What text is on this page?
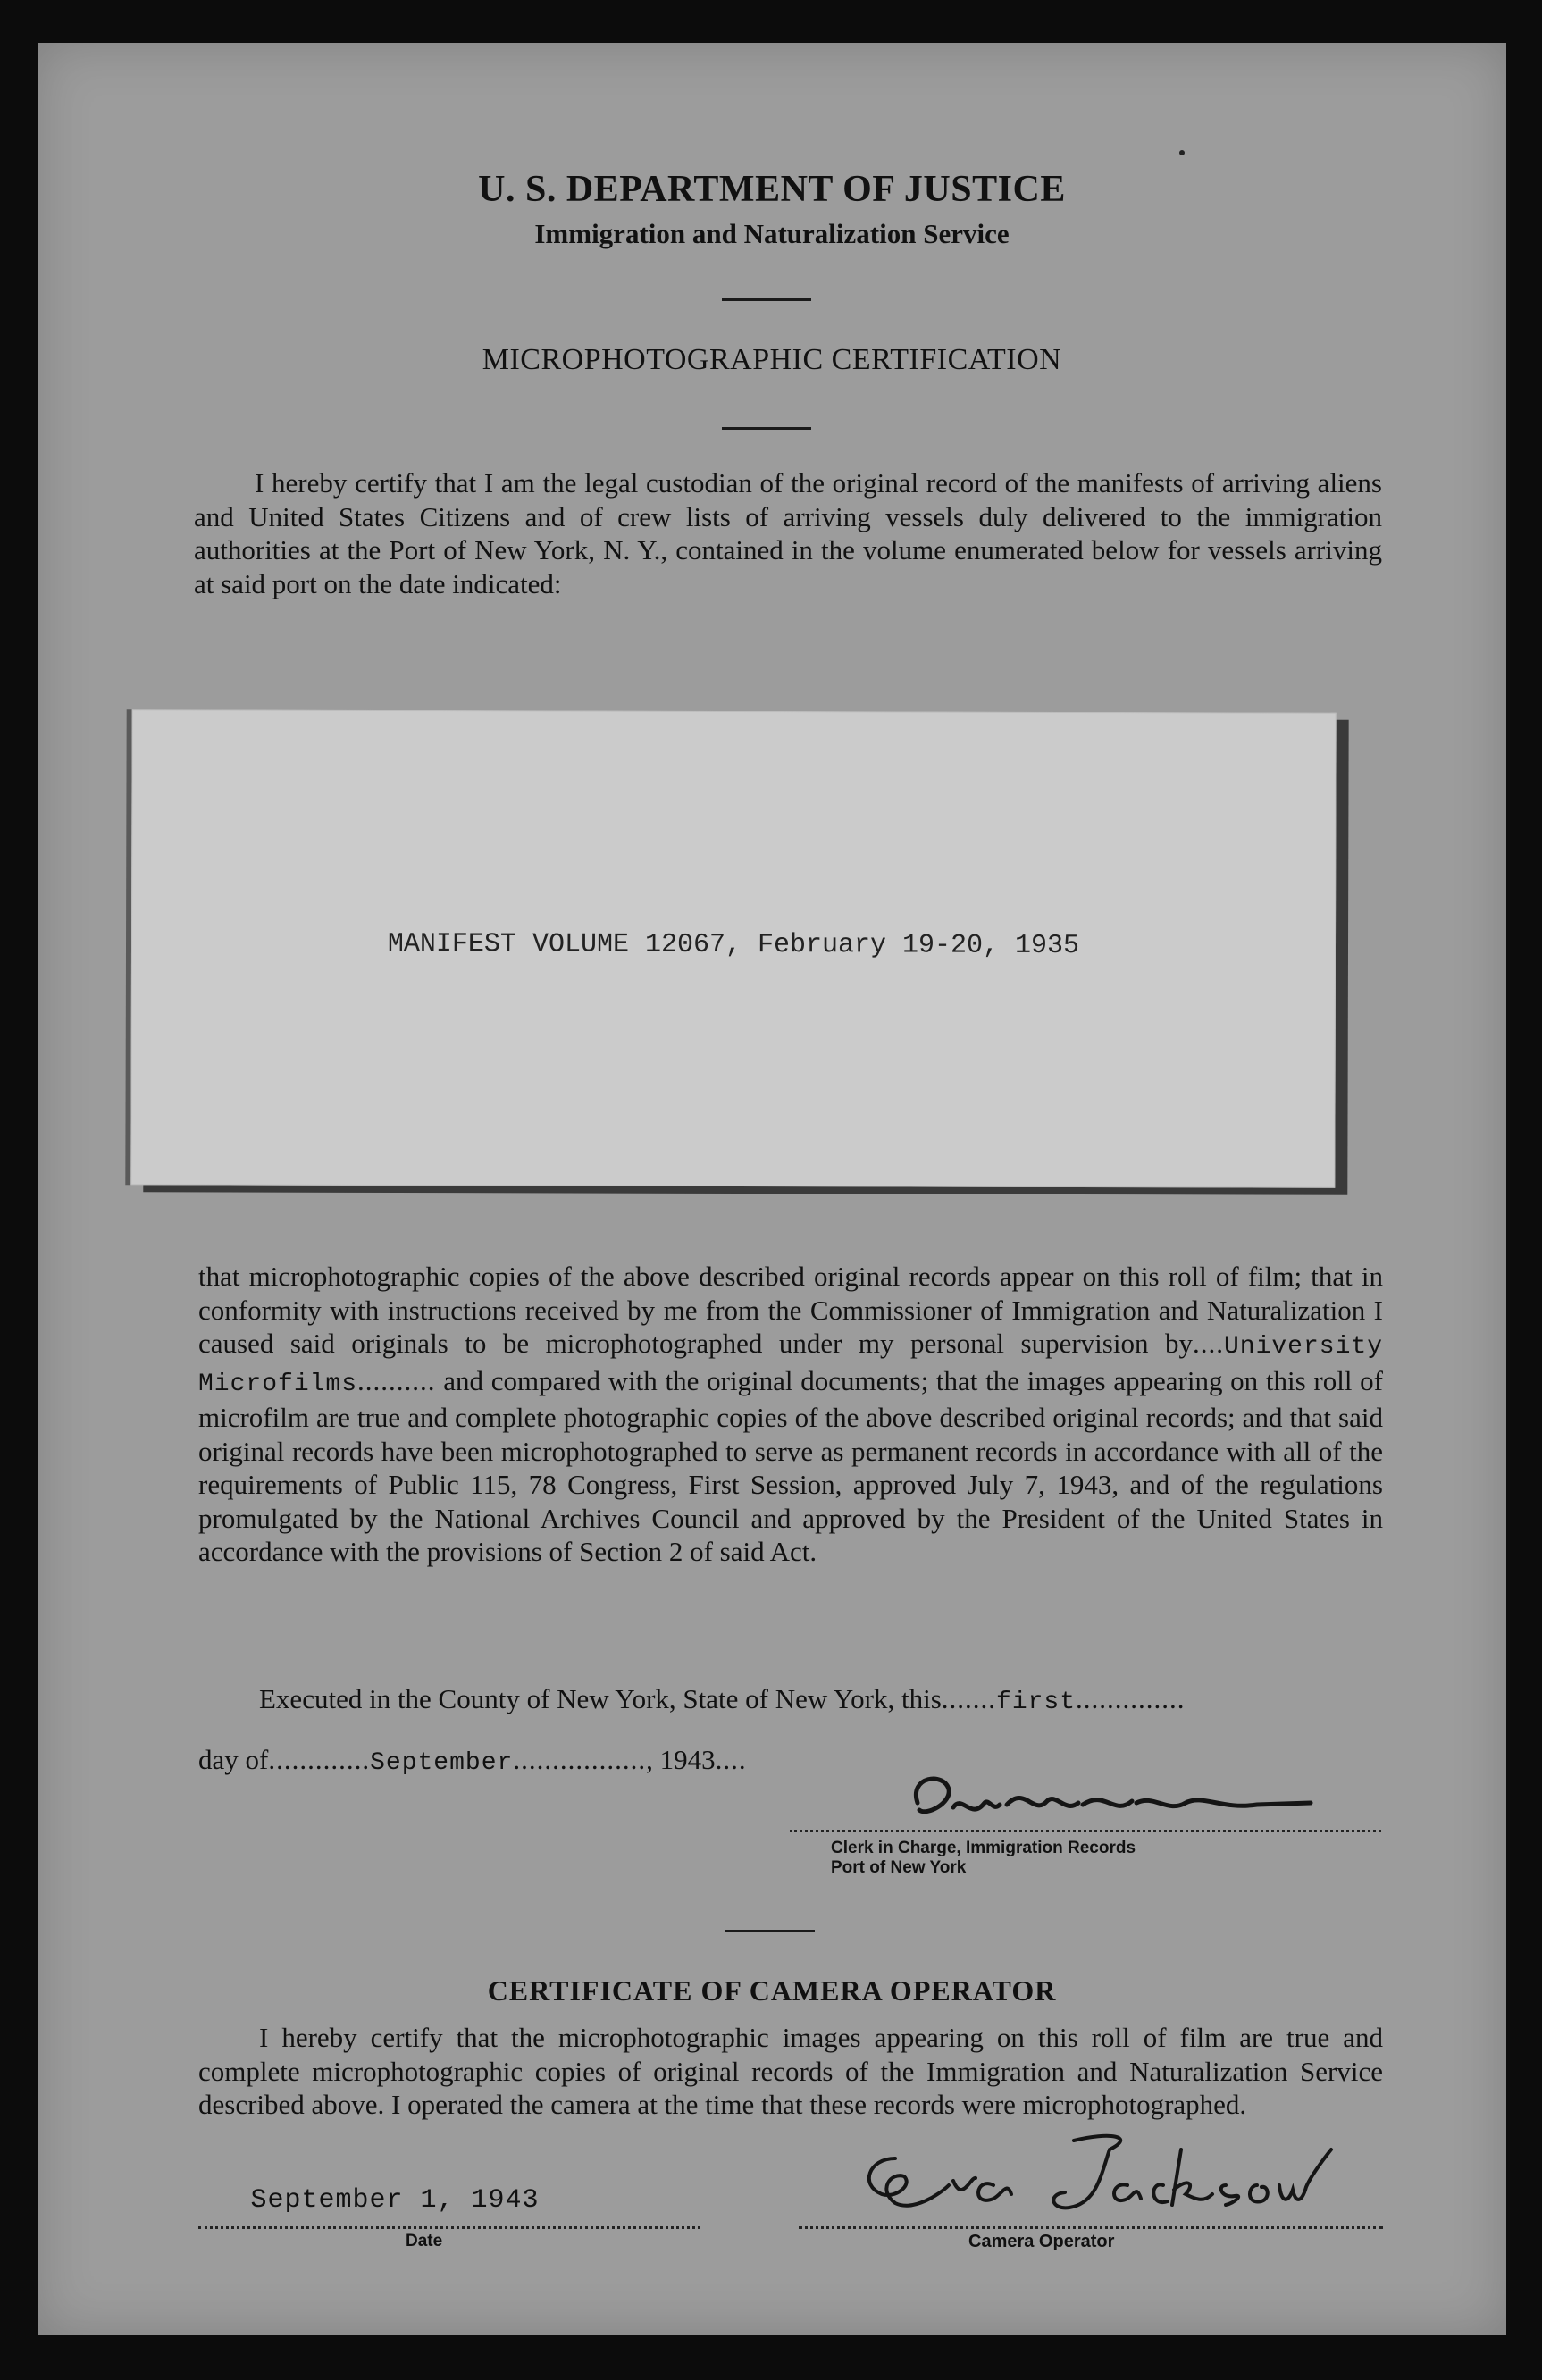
U. S. DEPARTMENT OF JUSTICE
Immigration and Naturalization Service
MICROPHOTOGRAPHIC CERTIFICATION

I hereby certify that I am the legal custodian of the original record of the manifests of arriving aliens and United States Citizens and of crew lists of arriving vessels duly delivered to the immigration authorities at the Port of New York, N. Y., contained in the volume enumerated below for vessels arriving at said port on the date indicated:

MANIFEST VOLUME 12067, February 19-20, 1935

that microphotographic copies of the above described original records appear on this roll of film; that in conformity with instructions received by me from the Commissioner of Immigration and Naturalization I caused said originals to be microphotographed under my personal supervision by....University Microfilms.......... and compared with the original documents; that the images appearing on this roll of microfilm are true and complete photographic copies of the above described original records; and that said original records have been microphotographed to serve as permanent records in accordance with all of the requirements of Public 115, 78 Congress, First Session, approved July 7, 1943, and of the regulations promulgated by the National Archives Council and approved by the President of the United States in accordance with the provisions of Section 2 of said Act.

Executed in the County of New York, State of New York, this.......first..............
day of.............September................., 1943....
Clerk in Charge, Immigration Records
Port of New York
CERTIFICATE OF CAMERA OPERATOR

I hereby certify that the microphotographic images appearing on this roll of film are true and complete microphotographic copies of original records of the Immigration and Naturalization Service described above. I operated the camera at the time that these records were microphotographed.

September 1, 1943
Date	Camera Operator
